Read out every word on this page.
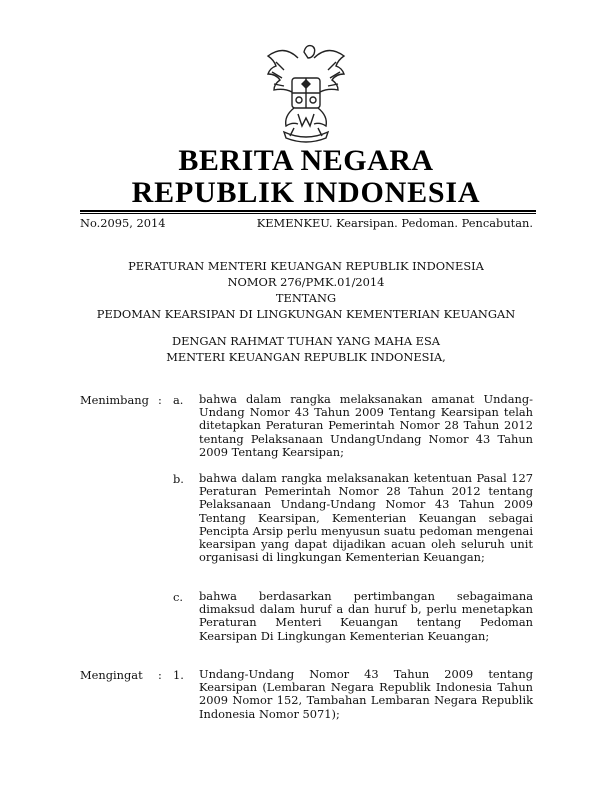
BERITA NEGARA
REPUBLIK INDONESIA
No.2095, 2014	KEMENKEU. Kearsipan. Pedoman. Pencabutan.
PERATURAN MENTERI KEUANGAN REPUBLIK INDONESIA
NOMOR 276/PMK.01/2014
TENTANG
PEDOMAN KEARSIPAN DI LINGKUNGAN KEMENTERIAN KEUANGAN
DENGAN RAHMAT TUHAN YANG MAHA ESA
MENTERI KEUANGAN REPUBLIK INDONESIA,
Menimbang : a. bahwa dalam rangka melaksanakan amanat Undang-Undang Nomor 43 Tahun 2009 Tentang Kearsipan telah ditetapkan Peraturan Pemerintah Nomor 28 Tahun 2012 tentang Pelaksanaan UndangUndang Nomor 43 Tahun 2009 Tentang Kearsipan;
b. bahwa dalam rangka melaksanakan ketentuan Pasal 127 Peraturan Pemerintah Nomor 28 Tahun 2012 tentang Pelaksanaan Undang-Undang Nomor 43 Tahun 2009 Tentang Kearsipan, Kementerian Keuangan sebagai Pencipta Arsip perlu menyusun suatu pedoman mengenai kearsipan yang dapat dijadikan acuan oleh seluruh unit organisasi di lingkungan Kementerian Keuangan;
c. bahwa berdasarkan pertimbangan sebagaimana dimaksud dalam huruf a dan huruf b, perlu menetapkan Peraturan Menteri Keuangan tentang Pedoman Kearsipan Di Lingkungan Kementerian Keuangan;
Mengingat : 1. Undang-Undang Nomor 43 Tahun 2009 tentang Kearsipan (Lembaran Negara Republik Indonesia Tahun 2009 Nomor 152, Tambahan Lembaran Negara Republik Indonesia Nomor 5071);
